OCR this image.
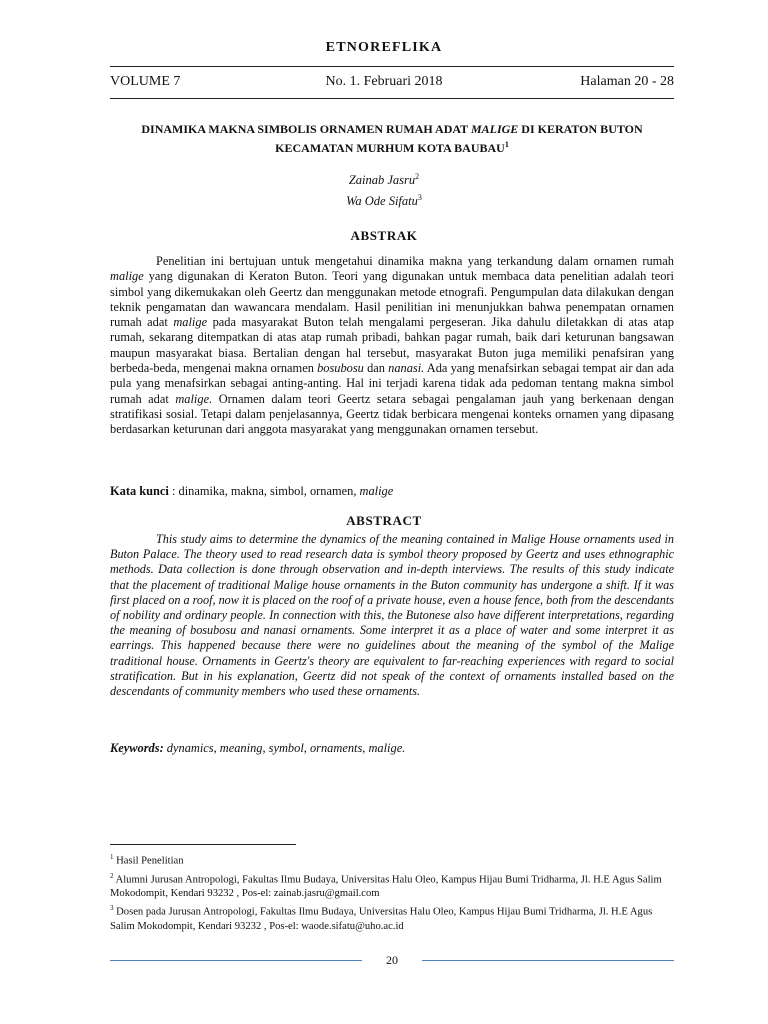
ETNOREFLIKA
VOLUME 7	No. 1. Februari 2018	Halaman 20 - 28
DINAMIKA MAKNA SIMBOLIS ORNAMEN RUMAH ADAT MALIGE DI KERATON BUTON KECAMATAN MURHUM KOTA BAUBAU$^1$
Zainab Jasru$^2$
Wa Ode Sifatu$^3$
ABSTRAK
Penelitian ini bertujuan untuk mengetahui dinamika makna yang terkandung dalam ornamen rumah malige yang digunakan di Keraton Buton. Teori yang digunakan untuk membaca data penelitian adalah teori simbol yang dikemukakan oleh Geertz dan menggunakan metode etnografi. Pengumpulan data dilakukan dengan teknik pengamatan dan wawancara mendalam. Hasil penilitian ini menunjukkan bahwa penempatan ornamen rumah adat malige pada masyarakat Buton telah mengalami pergeseran. Jika dahulu diletakkan di atas atap rumah, sekarang ditempatkan di atas atap rumah pribadi, bahkan pagar rumah, baik dari keturunan bangsawan maupun masyarakat biasa. Bertalian dengan hal tersebut, masyarakat Buton juga memiliki penafsiran yang berbeda-beda, mengenai makna ornamen bosubosu dan nanasi. Ada yang menafsirkan sebagai tempat air dan ada pula yang menafsirkan sebagai anting-anting. Hal ini terjadi karena tidak ada pedoman tentang makna simbol rumah adat malige. Ornamen dalam teori Geertz setara sebagai pengalaman jauh yang berkenaan dengan stratifikasi sosial. Tetapi dalam penjelasannya, Geertz tidak berbicara mengenai konteks ornamen yang dipasang berdasarkan keturunan dari anggota masyarakat yang menggunakan ornamen tersebut.
Kata kunci : dinamika, makna, simbol, ornamen, malige
ABSTRACT
This study aims to determine the dynamics of the meaning contained in Malige House ornaments used in Buton Palace. The theory used to read research data is symbol theory proposed by Geertz and uses ethnographic methods. Data collection is done through observation and in-depth interviews. The results of this study indicate that the placement of traditional Malige house ornaments in the Buton community has undergone a shift. If it was first placed on a roof, now it is placed on the roof of a private house, even a house fence, both from the descendants of nobility and ordinary people. In connection with this, the Butonese also have different interpretations, regarding the meaning of bosubosu and nanasi ornaments. Some interpret it as a place of water and some interpret it as earrings. This happened because there were no guidelines about the meaning of the symbol of the Malige traditional house. Ornaments in Geertz's theory are equivalent to far-reaching experiences with regard to social stratification. But in his explanation, Geertz did not speak of the context of ornaments installed based on the descendants of community members who used these ornaments.
Keywords: dynamics, meaning, symbol, ornaments, malige.
$^1$ Hasil Penelitian
$^2$ Alumni Jurusan Antropologi, Fakultas Ilmu Budaya, Universitas Halu Oleo, Kampus Hijau Bumi Tridharma, Jl. H.E Agus Salim Mokodompit, Kendari 93232 , Pos-el: zainab.jasru@gmail.com
$^3$ Dosen pada Jurusan Antropologi, Fakultas Ilmu Budaya, Universitas Halu Oleo, Kampus Hijau Bumi Tridharma, Jl. H.E Agus Salim Mokodompit, Kendari 93232 , Pos-el: waode.sifatu@uho.ac.id
20
